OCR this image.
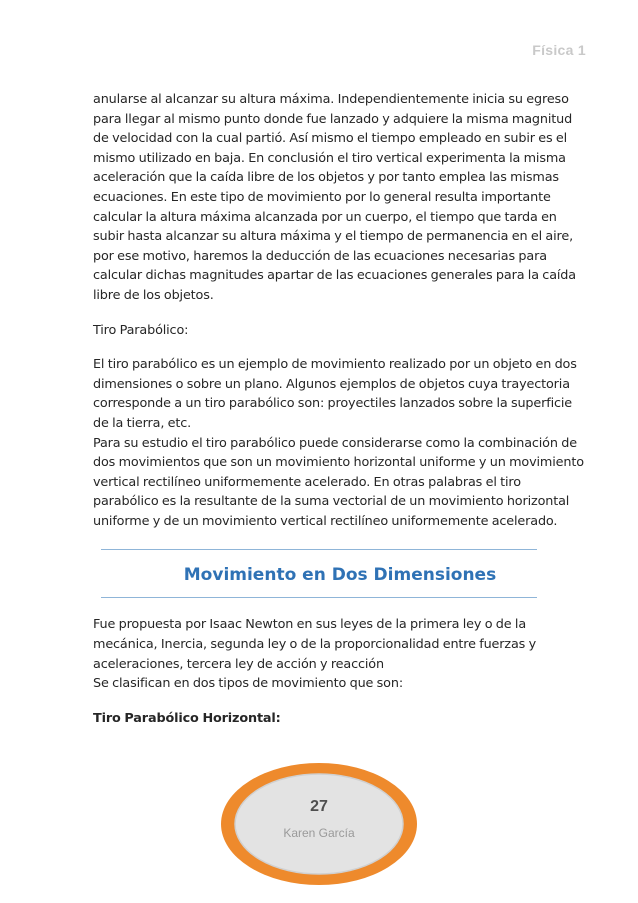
Física 1

anularse al alcanzar su altura máxima. Independientemente inicia su egreso para llegar al mismo punto donde fue lanzado y adquiere la misma magnitud de velocidad con la cual partió. Así mismo el tiempo empleado en subir es el mismo utilizado en baja. En conclusión el tiro vertical experimenta la misma aceleración que la caída libre de los objetos y por tanto emplea las mismas ecuaciones. En este tipo de movimiento por lo general resulta importante calcular la altura máxima alcanzada por un cuerpo, el tiempo que tarda en subir hasta alcanzar su altura máxima y el tiempo de permanencia en el aire, por ese motivo, haremos la deducción de las ecuaciones necesarias para calcular dichas magnitudes apartar de las ecuaciones generales para la caída libre de los objetos.

Tiro Parabólico:

El tiro parabólico es un ejemplo de movimiento realizado por un objeto en dos dimensiones o sobre un plano. Algunos ejemplos de objetos cuya trayectoria corresponde a un tiro parabólico son: proyectiles lanzados sobre la superficie de la tierra, etc.

Para su estudio el tiro parabólico puede considerarse como la combinación de dos movimientos que son un movimiento horizontal uniforme y un movimiento vertical rectilíneo uniformemente acelerado. En otras palabras el tiro parabólico es la resultante de la suma vectorial de un movimiento horizontal uniforme y de un movimiento vertical rectilíneo uniformemente acelerado.

Movimiento en Dos Dimensiones

Fue propuesta por Isaac Newton en sus leyes de la primera ley o de la mecánica, Inercia, segunda ley o de la proporcionalidad entre fuerzas y aceleraciones, tercera ley de acción y reacción

Se clasifican en dos tipos de movimiento que son:

Tiro Parabólico Horizontal:

27
Karen García
